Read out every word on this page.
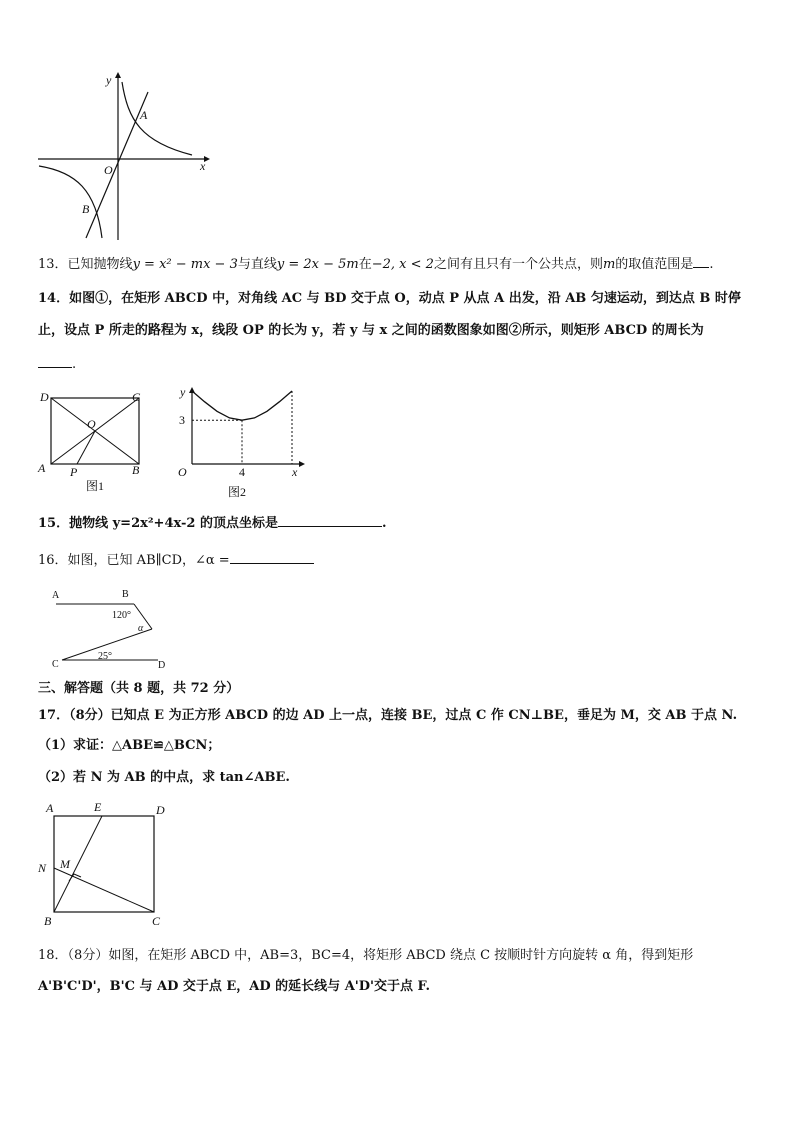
y
x
O
A
B
13．已知抛物线y = x² − mx − 3与直线y = 2x − 5m在−2, x < 2之间有且只有一个公共点，则m的取值范围是 .
14．如图①，在矩形 ABCD 中，对角线 AC 与 BD 交于点 O，动点 P 从点 A 出发，沿 AB 匀速运动，到达点 B 时停
止，设点 P 所走的路程为 x，线段 OP 的长为 y，若 y 与 x 之间的函数图象如图②所示，则矩形 ABCD 的周长为
.
D	C
O
A P	B
图1
y
x
O
3
4
图2
15．抛物线 y=2x²+4x-2 的顶点坐标是	.
16．如图，已知 AB∥CD，∠α =
A	B
C	D
120°
α
25°
三、解答题（共 8 题，共 72 分）
17．（8分）已知点 E 为正方形 ABCD 的边 AD 上一点，连接 BE，过点 C 作 CN⊥BE，垂足为 M，交 AB 于点 N.
（1）求证：△ABE≌△BCN；
（2）若 N 为 AB 的中点，求 tan∠ABE.
A	E	D
N M
B	C
18．（8分）如图，在矩形 ABCD 中，AB=3，BC=4，将矩形 ABCD 绕点 C 按顺时针方向旋转 α 角，得到矩形
A'B'C'D'，B'C 与 AD 交于点 E，AD 的延长线与 A'D'交于点 F.
